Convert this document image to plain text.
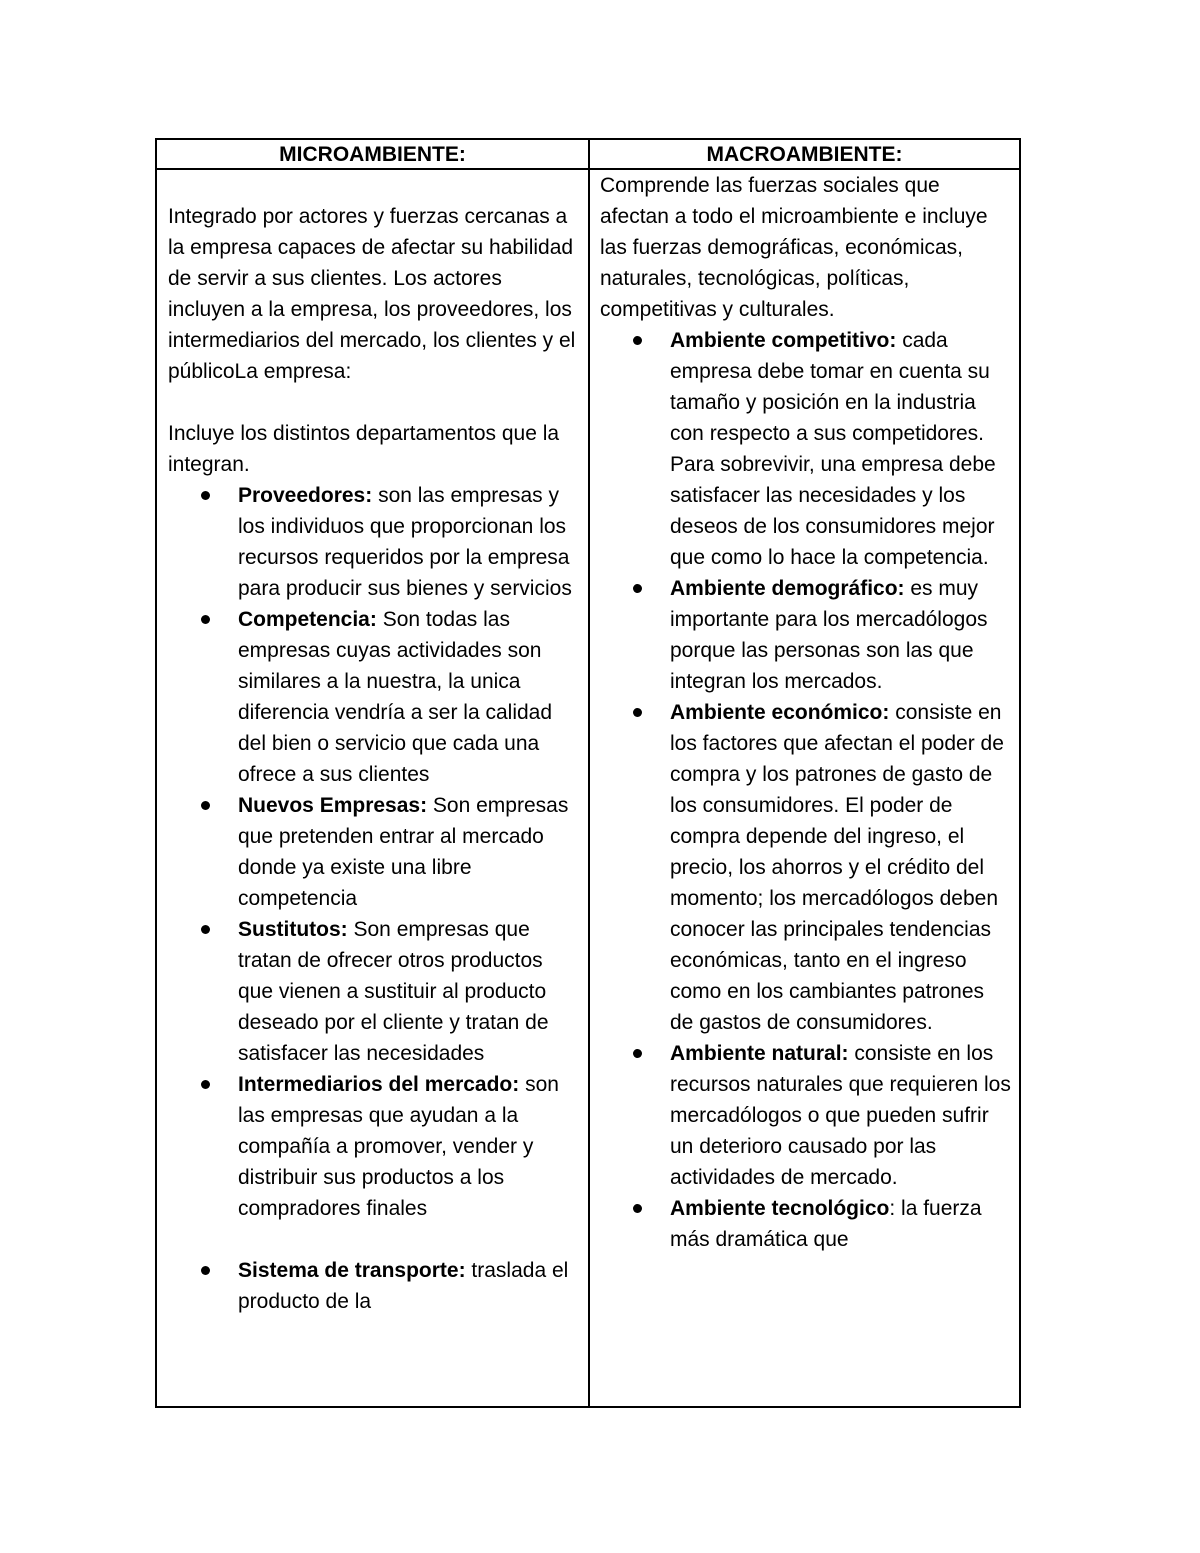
MICROAMBIENTE:	MACROAMBIENTE:

Integrado por actores y fuerzas cercanas a la empresa capaces de afectar su habilidad de servir a sus clientes. Los actores incluyen a la empresa, los proveedores, los intermediarios del mercado, los clientes y el públicoLa empresa:

Incluye los distintos departamentos que la integran.

Proveedores: son las empresas y los individuos que proporcionan los recursos requeridos por la empresa para producir sus bienes y servicios
Competencia: Son todas las empresas cuyas actividades son similares a la nuestra, la unica diferencia vendría a ser la calidad del bien o servicio que cada una ofrece a sus clientes
Nuevos Empresas: Son empresas que pretenden entrar al mercado donde ya existe una libre competencia
Sustitutos: Son empresas que tratan de ofrecer otros productos que vienen a sustituir al producto deseado por el cliente y tratan de satisfacer las necesidades
Intermediarios del mercado: son las empresas que ayudan a la compañía a promover, vender y distribuir sus productos a los compradores finales
Sistema de transporte: traslada el producto de la

Comprende las fuerzas sociales que afectan a todo el microambiente e incluye las fuerzas demográficas, económicas, naturales, tecnológicas, políticas, competitivas y culturales.

Ambiente competitivo: cada empresa debe tomar en cuenta su tamaño y posición en la industria con respecto a sus competidores. Para sobrevivir, una empresa debe satisfacer las necesidades y los deseos de los consumidores mejor que como lo hace la competencia.
Ambiente demográfico: es muy importante para los mercadólogos porque las personas son las que integran los mercados.
Ambiente económico: consiste en los factores que afectan el poder de compra y los patrones de gasto de los consumidores. El poder de compra depende del ingreso, el precio, los ahorros y el crédito del momento; los mercadólogos deben conocer las principales tendencias económicas, tanto en el ingreso como en los cambiantes patrones de gastos de consumidores.
Ambiente natural: consiste en los recursos naturales que requieren los mercadólogos o que pueden sufrir un deterioro causado por las actividades de mercado.
Ambiente tecnológico: la fuerza más dramática que
